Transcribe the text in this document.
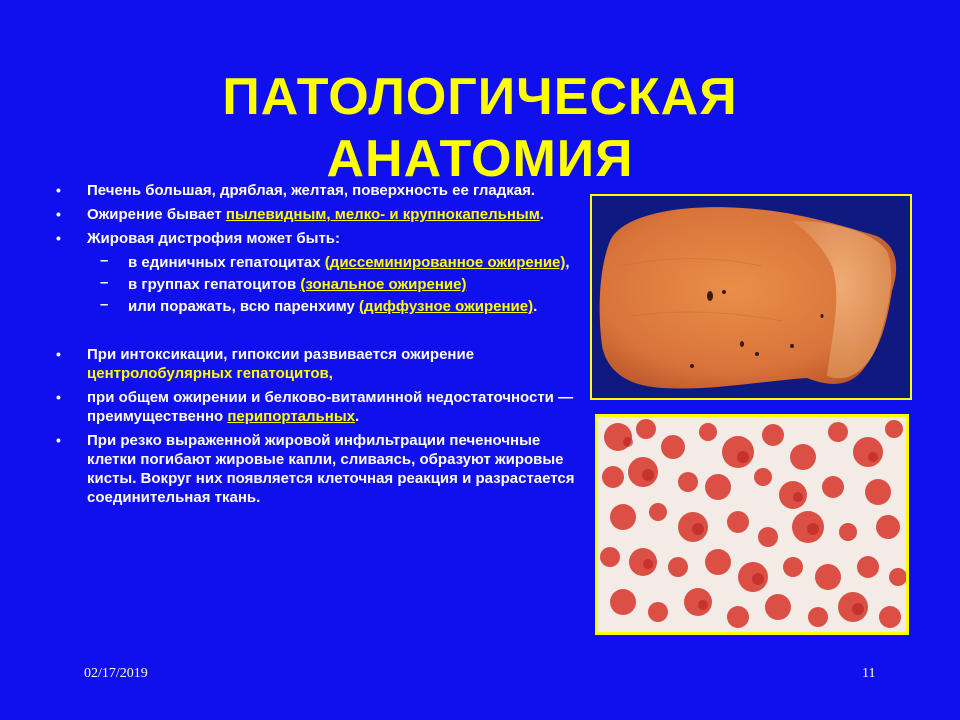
ПАТОЛОГИЧЕСКАЯ
АНАТОМИЯ
• Печень большая, дряблая, желтая, поверхность ее гладкая.
• Ожирение бывает пылевидным, мелко- и крупнокапельным.
• Жировая дистрофия может быть:
– в единичных гепатоцитах (диссеминированное ожирение),
– в группах гепатоцитов (зональное ожирение)
– или поражать, всю паренхиму (диффузное ожирение).
• При интоксикации, гипоксии развивается ожирение центролобулярных гепатоцитов,
• при общем ожирении и белково-витаминной недостаточности — преимущественно перипортальных.
• При резко выраженной жировой инфильтрации печеночные клетки погибают жировые капли, сливаясь, образуют жировые кисты. Вокруг них появляется клеточная реакция и разрастается соединительная ткань.
02/17/2019	11
